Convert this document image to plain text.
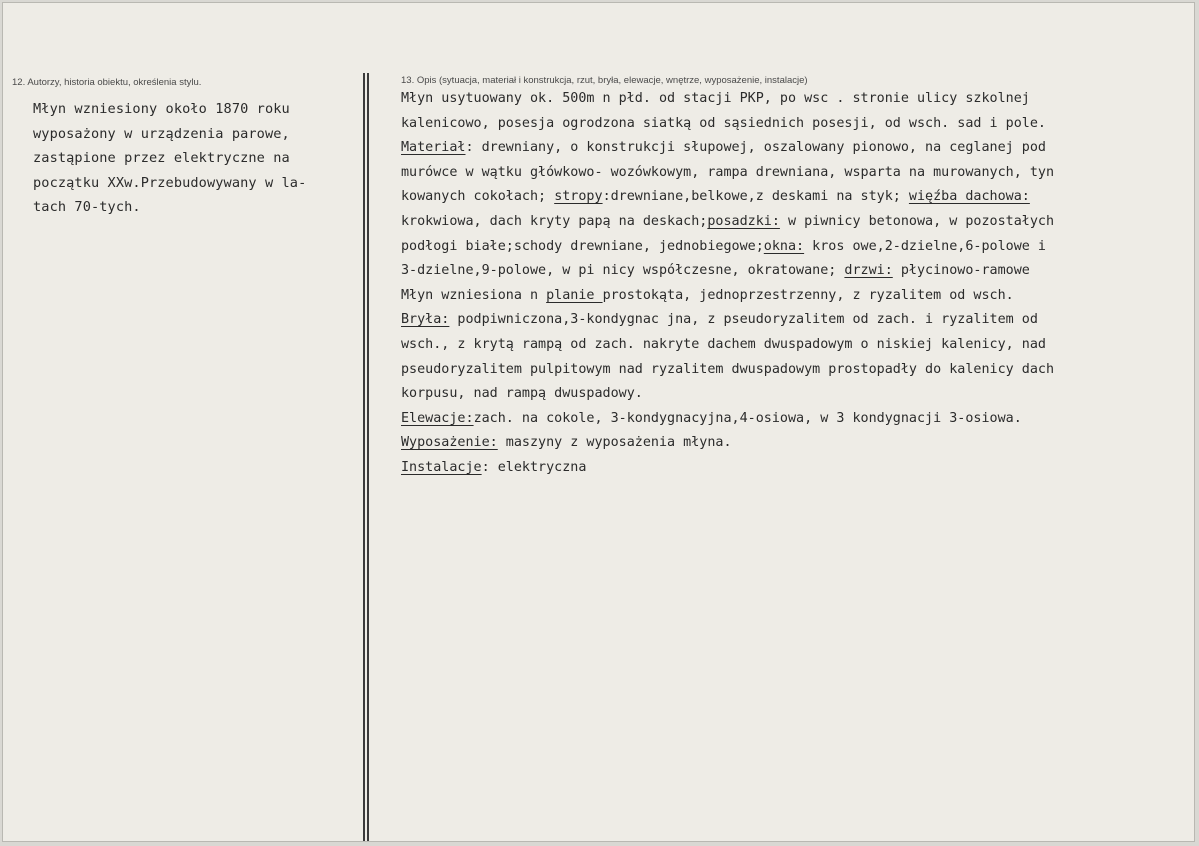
12. Autorzy, historia obiektu, określenia stylu.	13. Opis (sytuacja, materiał i konstrukcja, rzut, bryła, elewacje, wnętrze, wyposażenie, instalacje)
Młyn wzniesiony około 1870 roku
wyposażony w urządzenia parowe,
zastąpione przez elektryczne na
początku XXw.Przebudowywany w la-
tach 70-tych.
Młyn usytuowany ok. 500m n płd. od stacji PKP, po wsc . stronie ulicy szkolnej
kalenicowo, posesja ogrodzona siatką od sąsiednich posesji, od wsch. sad i pole.
Materiał: drewniany, o konstrukcji słupowej, oszalowany pionowo, na ceglanej pod
murówce w wątku główkowo- wozówkowym, rampa drewniana, wsparta na murowanych, tyn
kowanych cokołach; stropy:drewniane,belkowe,z deskami na styk; więźba dachowa:
krokwiowa, dach kryty papą na deskach;posadzki: w piwnicy betonowa, w pozostałych
podłogi białe;schody drewniane, jednobiegowe;okna: kros owe,2-dzielne,6-polowe i
3-dzielne,9-polowe, w pi nicy współczesne, okratowane; drzwi: płycinowo-ramowe
Młyn wzniesiona n planie prostokąta, jednoprzestrzenny, z ryzalitem od wsch.
Bryła: podpiwniczona,3-kondygnac jna, z pseudoryzalitem od zach. i ryzalitem od
wsch., z krytą rampą od zach. nakryte dachem dwuspadowym o niskiej kalenicy, nad
pseudoryzalitem pulpitowym nad ryzalitem dwuspadowym prostopadły do kalenicy dach
korpusu, nad rampą dwuspadowy.
Elewacje:zach. na cokole, 3-kondygnacyjna,4-osiowa, w 3 kondygnacji 3-osiowa.
Wyposażenie: maszyny z wyposażenia młyna.
Instalacje: elektryczna
